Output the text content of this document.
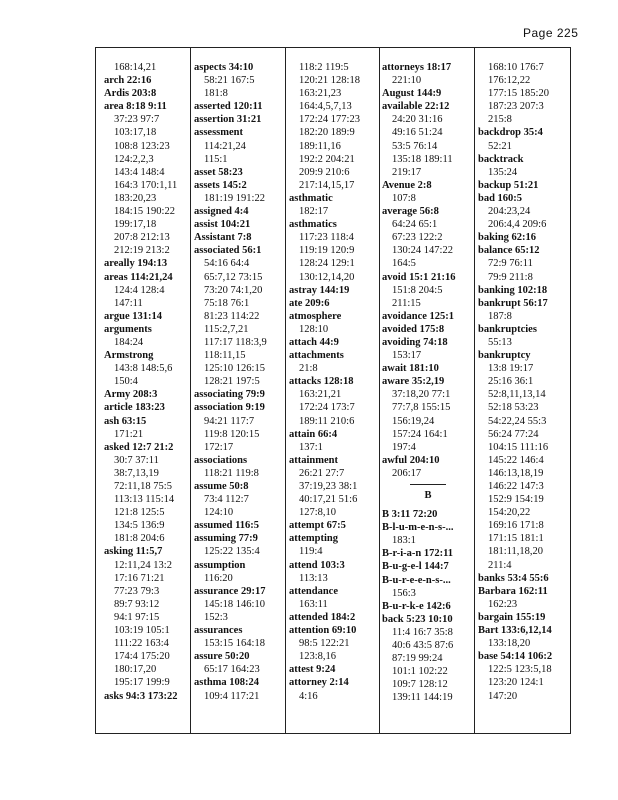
Page 225
168:14,21
arch 22:16
Ardis 203:8
area 8:18 9:11
37:23 97:7
103:17,18
108:8 123:23
124:2,2,3
143:4 148:4
164:3 170:1,11
183:20,23
184:15 190:22
199:17,18
207:8 212:13
212:19 213:2
areally 194:13
areas 114:21,24
124:4 128:4
147:11
argue 131:14
arguments
184:24
Armstrong
143:8 148:5,6
150:4
Army 208:3
article 183:23
ash 63:15
171:21
asked 12:7 21:2
30:7 37:11
38:7,13,19
72:11,18 75:5
113:13 115:14
121:8 125:5
134:5 136:9
181:8 204:6
asking 11:5,7
12:11,24 13:2
17:16 71:21
77:23 79:3
89:7 93:12
94:1 97:15
103:19 105:1
111:22 163:4
174:4 175:20
180:17,20
195:17 199:9
asks 94:3 173:22
aspects 34:10
58:21 167:5
181:8
asserted 120:11
assertion 31:21
assessment
114:21,24
115:1
asset 58:23
assets 145:2
181:19 191:22
assigned 4:4
assist 104:21
Assistant 7:8
associated 56:1
54:16 64:4
65:7,12 73:15
73:20 74:1,20
75:18 76:1
81:23 114:22
115:2,7,21
117:17 118:3,9
118:11,15
125:10 126:15
128:21 197:5
associating 79:9
association 9:19
94:21 117:7
119:8 120:15
172:17
associations
118:21 119:8
assume 50:8
73:4 112:7
124:10
assumed 116:5
assuming 77:9
125:22 135:4
assumption
116:20
assurance 29:17
145:18 146:10
152:3
assurances
153:15 164:18
assure 50:20
65:17 164:23
asthma 108:24
109:4 117:21
118:2 119:5
120:21 128:18
163:21,23
164:4,5,7,13
172:24 177:23
182:20 189:9
189:11,16
192:2 204:21
209:9 210:6
217:14,15,17
asthmatic
182:17
asthmatics
117:23 118:4
119:19 120:9
128:24 129:1
130:12,14,20
astray 144:19
ate 209:6
atmosphere
128:10
attach 44:9
attachments
21:8
attacks 128:18
163:21,21
172:24 173:7
189:11 210:6
attain 66:4
137:1
attainment
26:21 27:7
37:19,23 38:1
40:17,21 51:6
127:8,10
attempt 67:5
attempting
119:4
attend 103:3
113:13
attendance
163:11
attended 184:2
attention 69:10
98:5 122:21
123:8,16
attest 9:24
attorney 2:14
4:16
attorneys 18:17
221:10
August 144:9
available 22:12
24:20 31:16
49:16 51:24
53:5 76:14
135:18 189:11
219:17
Avenue 2:8
107:8
average 56:8
64:24 65:1
67:23 122:2
130:24 147:22
164:5
avoid 15:1 21:16
151:8 204:5
211:15
avoidance 125:1
avoided 175:8
avoiding 74:18
153:17
await 181:10
aware 35:2,19
37:18,20 77:1
77:7,8 155:15
156:19,24
157:24 164:1
197:4
awful 204:10
206:17
B
B 3:11 72:20
B-l-u-m-e-n-s-...
183:1
B-r-i-a-n 172:11
B-u-g-e-l 144:7
B-u-r-e-e-n-s-...
156:3
B-u-r-k-e 142:6
back 5:23 10:10
11:4 16:7 35:8
40:6 43:5 87:6
87:19 99:24
101:1 102:22
109:7 128:12
139:11 144:19
168:10 176:7
176:12,22
177:15 185:20
187:23 207:3
215:8
backdrop 35:4
52:21
backtrack
135:24
backup 51:21
bad 160:5
204:23,24
206:4,4 209:6
baking 62:16
balance 65:12
72:9 76:11
79:9 211:8
banking 102:18
bankrupt 56:17
187:8
bankruptcies
55:13
bankruptcy
13:8 19:17
25:16 36:1
52:8,11,13,14
52:18 53:23
54:22,24 55:3
56:24 77:24
104:15 111:16
145:22 146:4
146:13,18,19
146:22 147:3
152:9 154:19
154:20,22
169:16 171:8
171:15 181:1
181:11,18,20
211:4
banks 53:4 55:6
Barbara 162:11
162:23
bargain 155:19
Bart 133:6,12,14
133:18,20
base 54:14 106:2
122:5 123:5,18
123:20 124:1
147:20
